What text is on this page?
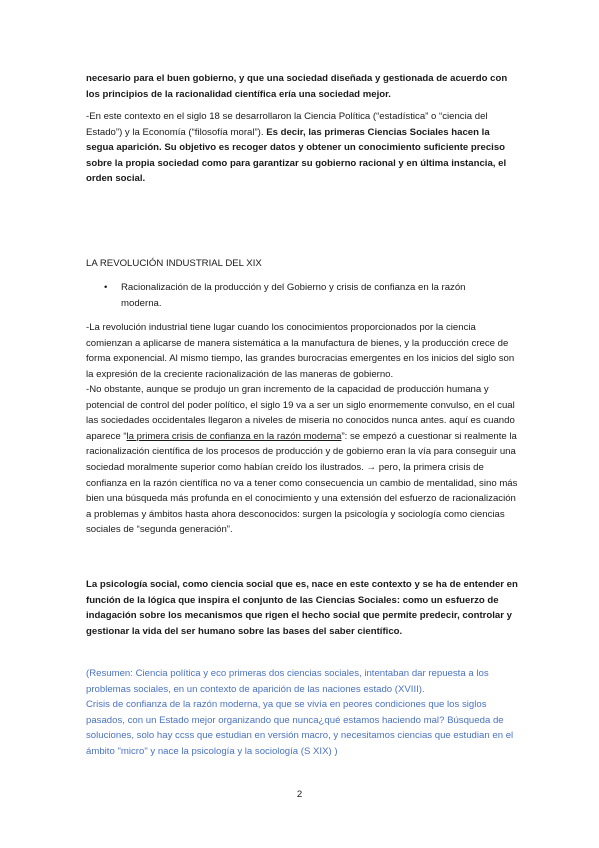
necesario para el buen gobierno, y que una sociedad diseñada y gestionada de acuerdo con los principios de la racionalidad científica ería una sociedad mejor.

-En este contexto en el siglo 18 se desarrollaron la Ciencia Política (“estadística” o “ciencia del Estado”) y la Economía (“filosofía moral”). Es decir, las primeras Ciencias Sociales hacen la segua aparición. Su objetivo es recoger datos y obtener un conocimiento suficiente preciso sobre la propia sociedad como para garantizar su gobierno racional y en última instancia, el orden social.

LA REVOLUCIÓN INDUSTRIAL DEL XIX

• Racionalización de la producción y del Gobierno y crisis de confianza en la razón moderna.

-La revolución industrial tiene lugar cuando los conocimientos proporcionados por la ciencia comienzan a aplicarse de manera sistemática a la manufactura de bienes, y la producción crece de forma exponencial. Al mismo tiempo, las grandes burocracias emergentes en los inicios del siglo son la expresión de la creciente racionalización de las maneras de gobierno.

-No obstante, aunque se produjo un gran incremento de la capacidad de producción humana y potencial de control del poder político, el siglo 19 va a ser un siglo enormemente convulso, en el cual las sociedades occidentales llegaron a niveles de miseria no conocidos nunca antes. aquí es cuando aparece “la primera crisis de confianza en la razón moderna”: se empezó a cuestionar si realmente la racionalización científica de los procesos de producción y de gobierno eran la vía para conseguir una sociedad moralmente superior como habían creído los ilustrados. → pero, la primera crisis de confianza en la razón científica no va a tener como consecuencia un cambio de mentalidad, sino más bien una búsqueda más profunda en el conocimiento y una extensión del esfuerzo de racionalización a problemas y ámbitos hasta ahora desconocidos: surgen la psicología y sociología como ciencias sociales de “segunda generación”.

La psicología social, como ciencia social que es, nace en este contexto y se ha de entender en función de la lógica que inspira el conjunto de las Ciencias Sociales: como un esfuerzo de indagación sobre los mecanismos que rigen el hecho social que permite predecir, controlar y gestionar la vida del ser humano sobre las bases del saber científico.

(Resumen: Ciencia política y eco primeras dos ciencias sociales, intentaban dar repuesta a los problemas sociales, en un contexto de aparición de las naciones estado (XVIII).
Crisis de confianza de la razón moderna, ya que se vivía en peores condiciones que los siglos pasados, con un Estado mejor organizando que nunca¿qué estamos haciendo mal? Búsqueda de soluciones, solo hay ccss que estudian en versión macro, y necesitamos ciencias que estudian en el ámbito "micro" y nace la psicología y la sociología (S XIX) )
2
